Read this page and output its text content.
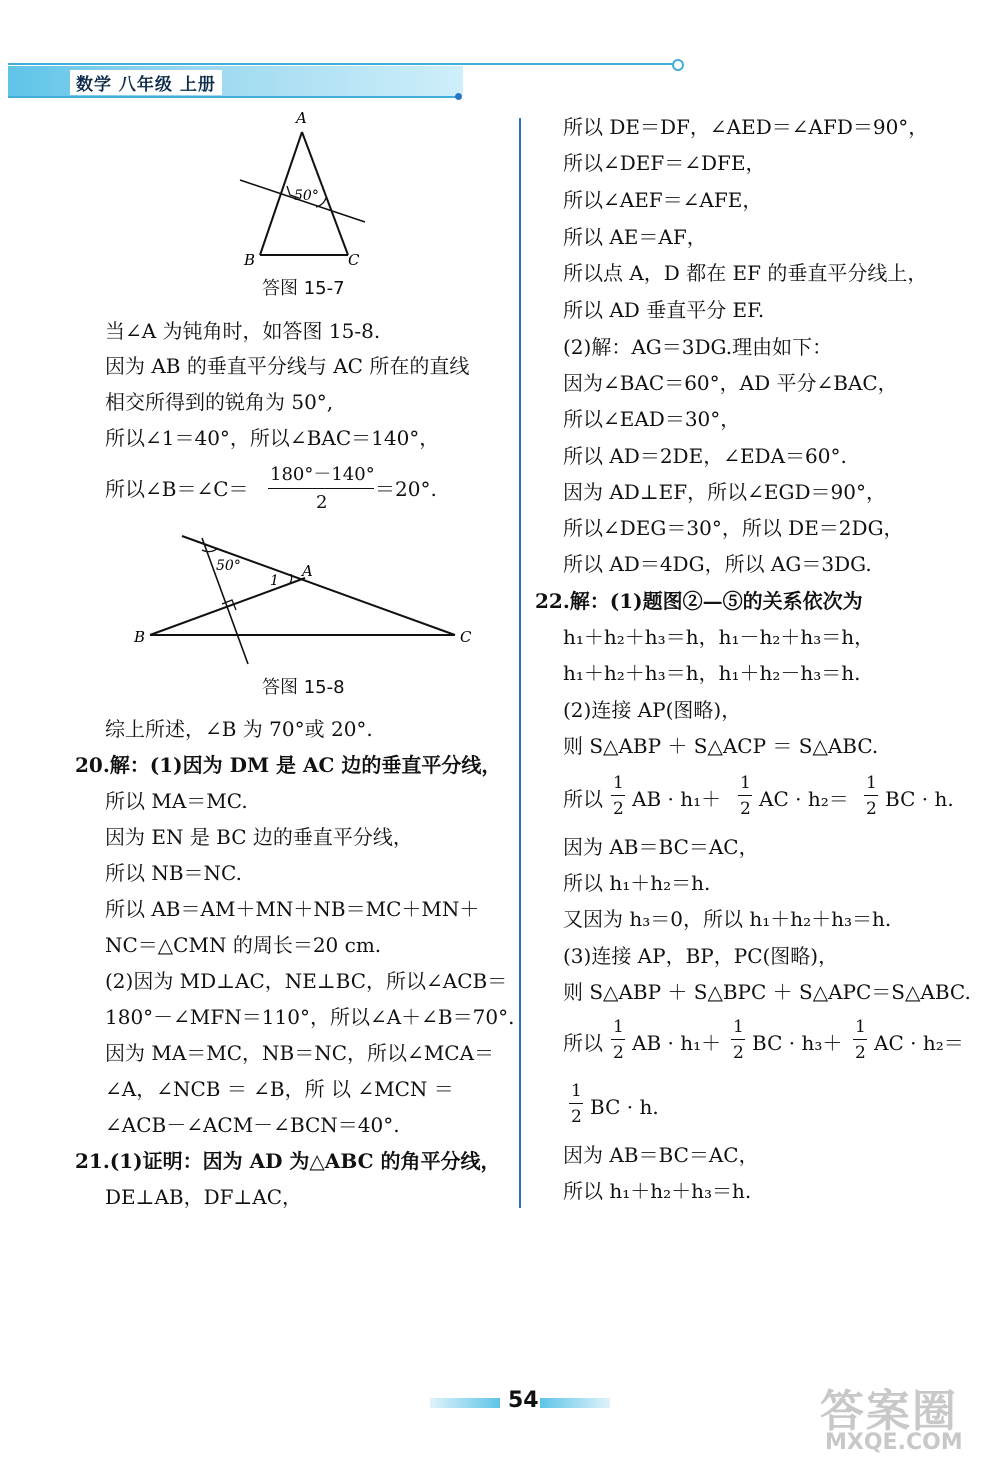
数学 八年级 上册
A
B	C
50°
答图 15-7
当∠A 为钝角时，如答图 15-8.
因为 AB 的垂直平分线与 AC 所在的直线
相交所得到的锐角为 50°,
所以∠1＝40°，所以∠BAC＝140°，
所以∠B＝∠C＝
180°－140°
2
＝20°.
50°
1
A
B	C
答图 15-8
综上所述，∠B 为 70°或 20°.
20.解：(1)因为 DM 是 AC 边的垂直平分线，
所以 MA＝MC.
因为 EN 是 BC 边的垂直平分线，
所以 NB＝NC.
所以 AB＝AM＋MN＋NB＝MC＋MN＋
NC＝△CMN 的周长＝20 cm.
(2)因为 MD⊥AC，NE⊥BC，所以∠ACB＝
180°－∠MFN＝110°，所以∠A＋∠B＝70°.
因为 MA＝MC，NB＝NC，所以∠MCA＝
∠A，∠NCB ＝ ∠B，所 以 ∠MCN ＝
∠ACB－∠ACM－∠BCN＝40°.
21.(1)证明：因为 AD 为△ABC 的角平分线，
DE⊥AB，DF⊥AC，
所以 DE＝DF，∠AED＝∠AFD＝90°，
所以∠DEF＝∠DFE，
所以∠AEF＝∠AFE，
所以 AE＝AF，
所以点 A，D 都在 EF 的垂直平分线上，
所以 AD 垂直平分 EF.
(2)解：AG＝3DG.理由如下：
因为∠BAC＝60°，AD 平分∠BAC，
所以∠EAD＝30°，
所以 AD＝2DE，∠EDA＝60°.
因为 AD⊥EF，所以∠EGD＝90°，
所以∠DEG＝30°，所以 DE＝2DG，
所以 AD＝4DG，所以 AG＝3DG.
22.解：(1)题图②—⑤的关系依次为
h₁＋h₂＋h₃＝h，h₁－h₂＋h₃＝h，
h₁＋h₂＋h₃＝h，h₁＋h₂－h₃＝h.
(2)连接 AP(图略)，
则 S△ABP ＋ S△ACP ＝ S△ABC.
所以
1
2 AB · h₁＋
1
2 AC · h₂＝
1
2 BC · h.
因为 AB＝BC＝AC，
所以 h₁＋h₂＝h.
又因为 h₃＝0，所以 h₁＋h₂＋h₃＝h.
(3)连接 AP，BP，PC(图略)，
则 S△ABP ＋ S△BPC ＋ S△APC＝S△ABC.
所以
1
2 AB · h₁＋
1
2 BC · h₃＋
1
2 AC · h₂＝
1
2 BC · h.
因为 AB＝BC＝AC，
所以 h₁＋h₂＋h₃＝h.
54	答案圈
MXQE.COM
